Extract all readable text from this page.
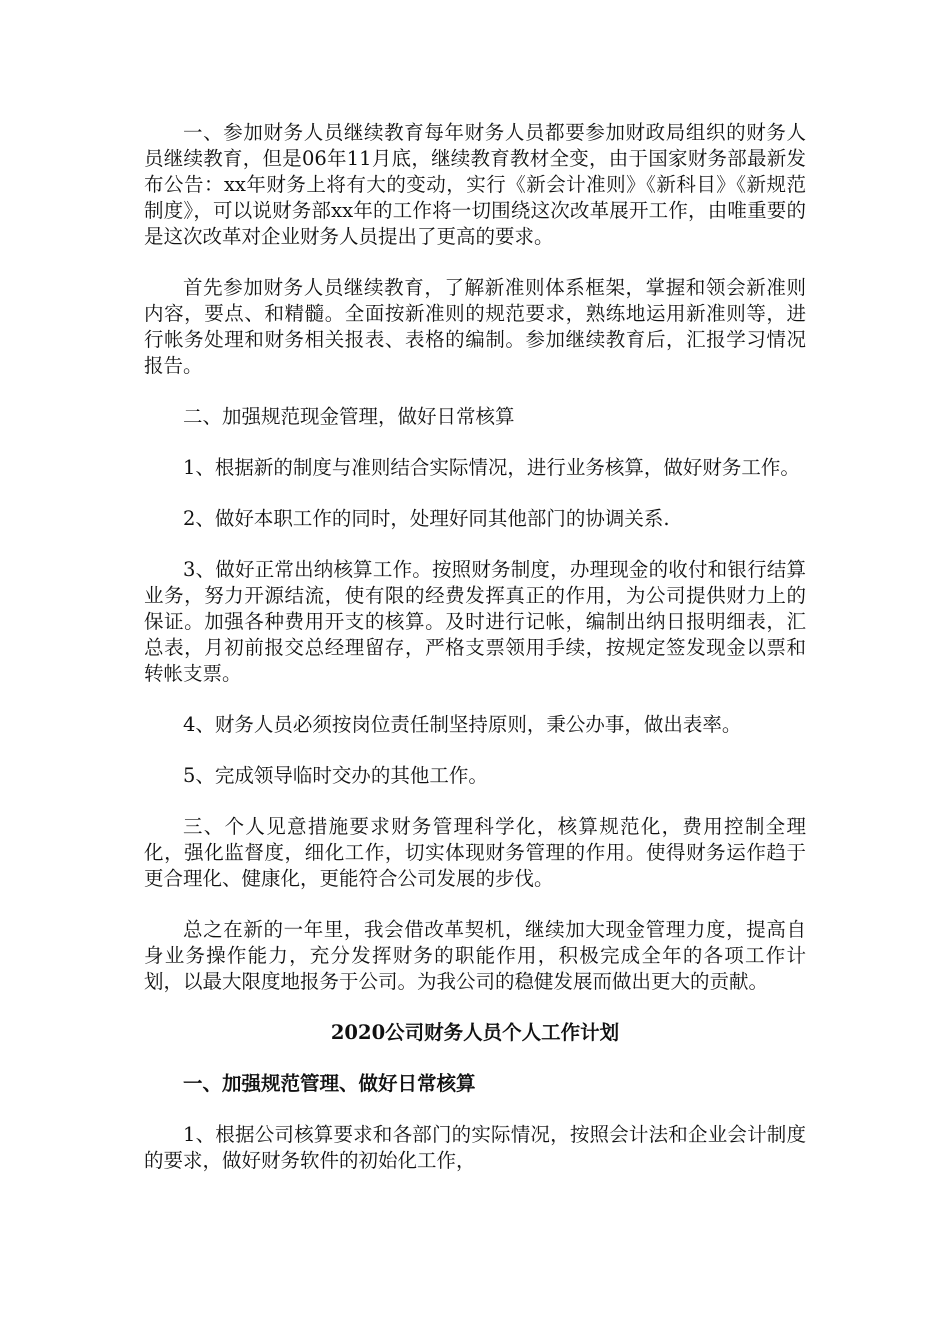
一、参加财务人员继续教育每年财务人员都要参加财政局组织的财务人员继续教育，但是06年11月底，继续教育教材全变，由于国家财务部最新发布公告：xx年财务上将有大的变动，实行《新会计准则》《新科目》《新规范制度》，可以说财务部xx年的工作将一切围绕这次改革展开工作，由唯重要的是这次改革对企业财务人员提出了更高的要求。

首先参加财务人员继续教育，了解新准则体系框架，掌握和领会新准则内容，要点、和精髓。全面按新准则的规范要求，熟练地运用新准则等，进行帐务处理和财务相关报表、表格的编制。参加继续教育后，汇报学习情况报告。

二、加强规范现金管理，做好日常核算

1、根据新的制度与准则结合实际情况，进行业务核算，做好财务工作。

2、做好本职工作的同时，处理好同其他部门的协调关系.

3、做好正常出纳核算工作。按照财务制度，办理现金的收付和银行结算业务，努力开源结流，使有限的经费发挥真正的作用，为公司提供财力上的保证。加强各种费用开支的核算。及时进行记帐，编制出纳日报明细表，汇总表，月初前报交总经理留存，严格支票领用手续，按规定签发现金以票和转帐支票。

4、财务人员必须按岗位责任制坚持原则，秉公办事，做出表率。

5、完成领导临时交办的其他工作。

三、个人见意措施要求财务管理科学化，核算规范化，费用控制全理化，强化监督度，细化工作，切实体现财务管理的作用。使得财务运作趋于更合理化、健康化，更能符合公司发展的步伐。

总之在新的一年里，我会借改革契机，继续加大现金管理力度，提高自身业务操作能力，充分发挥财务的职能作用，积极完成全年的各项工作计划，以最大限度地报务于公司。为我公司的稳健发展而做出更大的贡献。

2020公司财务人员个人工作计划

一、加强规范管理、做好日常核算

1、根据公司核算要求和各部门的实际情况，按照会计法和企业会计制度的要求，做好财务软件的初始化工作，
